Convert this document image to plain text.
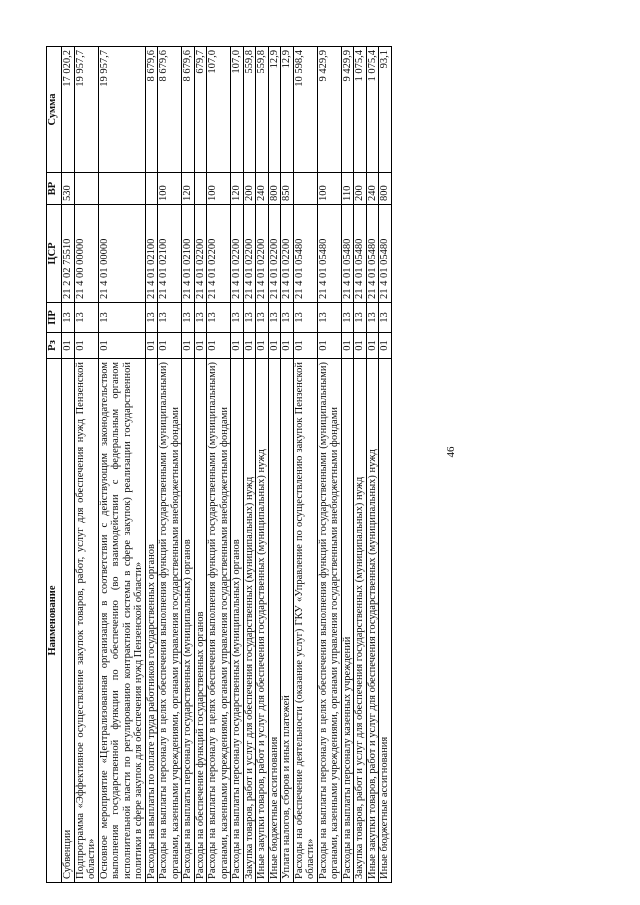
46
Наименование	Рз	ПР	ЦСР	ВР	Сумма
Субвенции	01	13	21 2 02 75510	530	17 020,2
Подпрограмма «Эффективное осуществление закупок товаров, работ, услуг для обеспечения нужд Пензенской области»	01	13	21 4 00 00000		19 957,7
Основное мероприятие «Централизованная организация в соответствии с действующим законодательством выполнения государственной функции по обеспечению (во взаимодействии с федеральным органом исполнительной власти по регулированию контрактной системы в сфере закупок) реализации государственной политики в сфере закупок для обеспечения нужд Пензенской области»	01	13	21 4 01 00000		19 957,7
Расходы на выплаты по оплате труда работников государственных органов	01	13	21 4 01 02100		8 679,6
Расходы на выплаты персоналу в целях обеспечения выполнения функций государственными (муниципальными) органами, казенными учреждениями, органами управления государственными внебюджетными фондами	01	13	21 4 01 02100	100	8 679,6
Расходы на выплаты персоналу государственных (муниципальных) органов	01	13	21 4 01 02100	120	8 679,6
Расходы на обеспечение функций государственных органов	01	13	21 4 01 02200		679,7
Расходы на выплаты персоналу в целях обеспечения выполнения функций государственными (муниципальными) органами, казенными учреждениями, органами управления государственными внебюджетными фондами	01	13	21 4 01 02200	100	107,0
Расходы на выплаты персоналу государственных (муниципальных) органов	01	13	21 4 01 02200	120	107,0
Закупка товаров, работ и услуг для обеспечения государственных (муниципальных) нужд	01	13	21 4 01 02200	200	559,8
Иные закупки товаров, работ и услуг для обеспечения государственных (муниципальных) нужд	01	13	21 4 01 02200	240	559,8
Иные бюджетные ассигнования	01	13	21 4 01 02200	800	12,9
Уплата налогов, сборов и иных платежей	01	13	21 4 01 02200	850	12,9
Расходы на обеспечение деятельности (оказание услуг) ГКУ «Управление по осуществлению закупок Пензенской области»	01	13	21 4 01 05480		10 598,4
Расходы на выплаты персоналу в целях обеспечения выполнения функций государственными (муниципальными) органами, казенными учреждениями, органами управления государственными внебюджетными фондами	01	13	21 4 01 05480	100	9 429,9
Расходы на выплаты персоналу казенных учреждений	01	13	21 4 01 05480	110	9 429,9
Закупка товаров, работ и услуг для обеспечения государственных (муниципальных) нужд	01	13	21 4 01 05480	200	1 075,4
Иные закупки товаров, работ и услуг для обеспечения государственных (муниципальных) нужд	01	13	21 4 01 05480	240	1 075,4
Иные бюджетные ассигнования	01	13	21 4 01 05480	800	93,1
